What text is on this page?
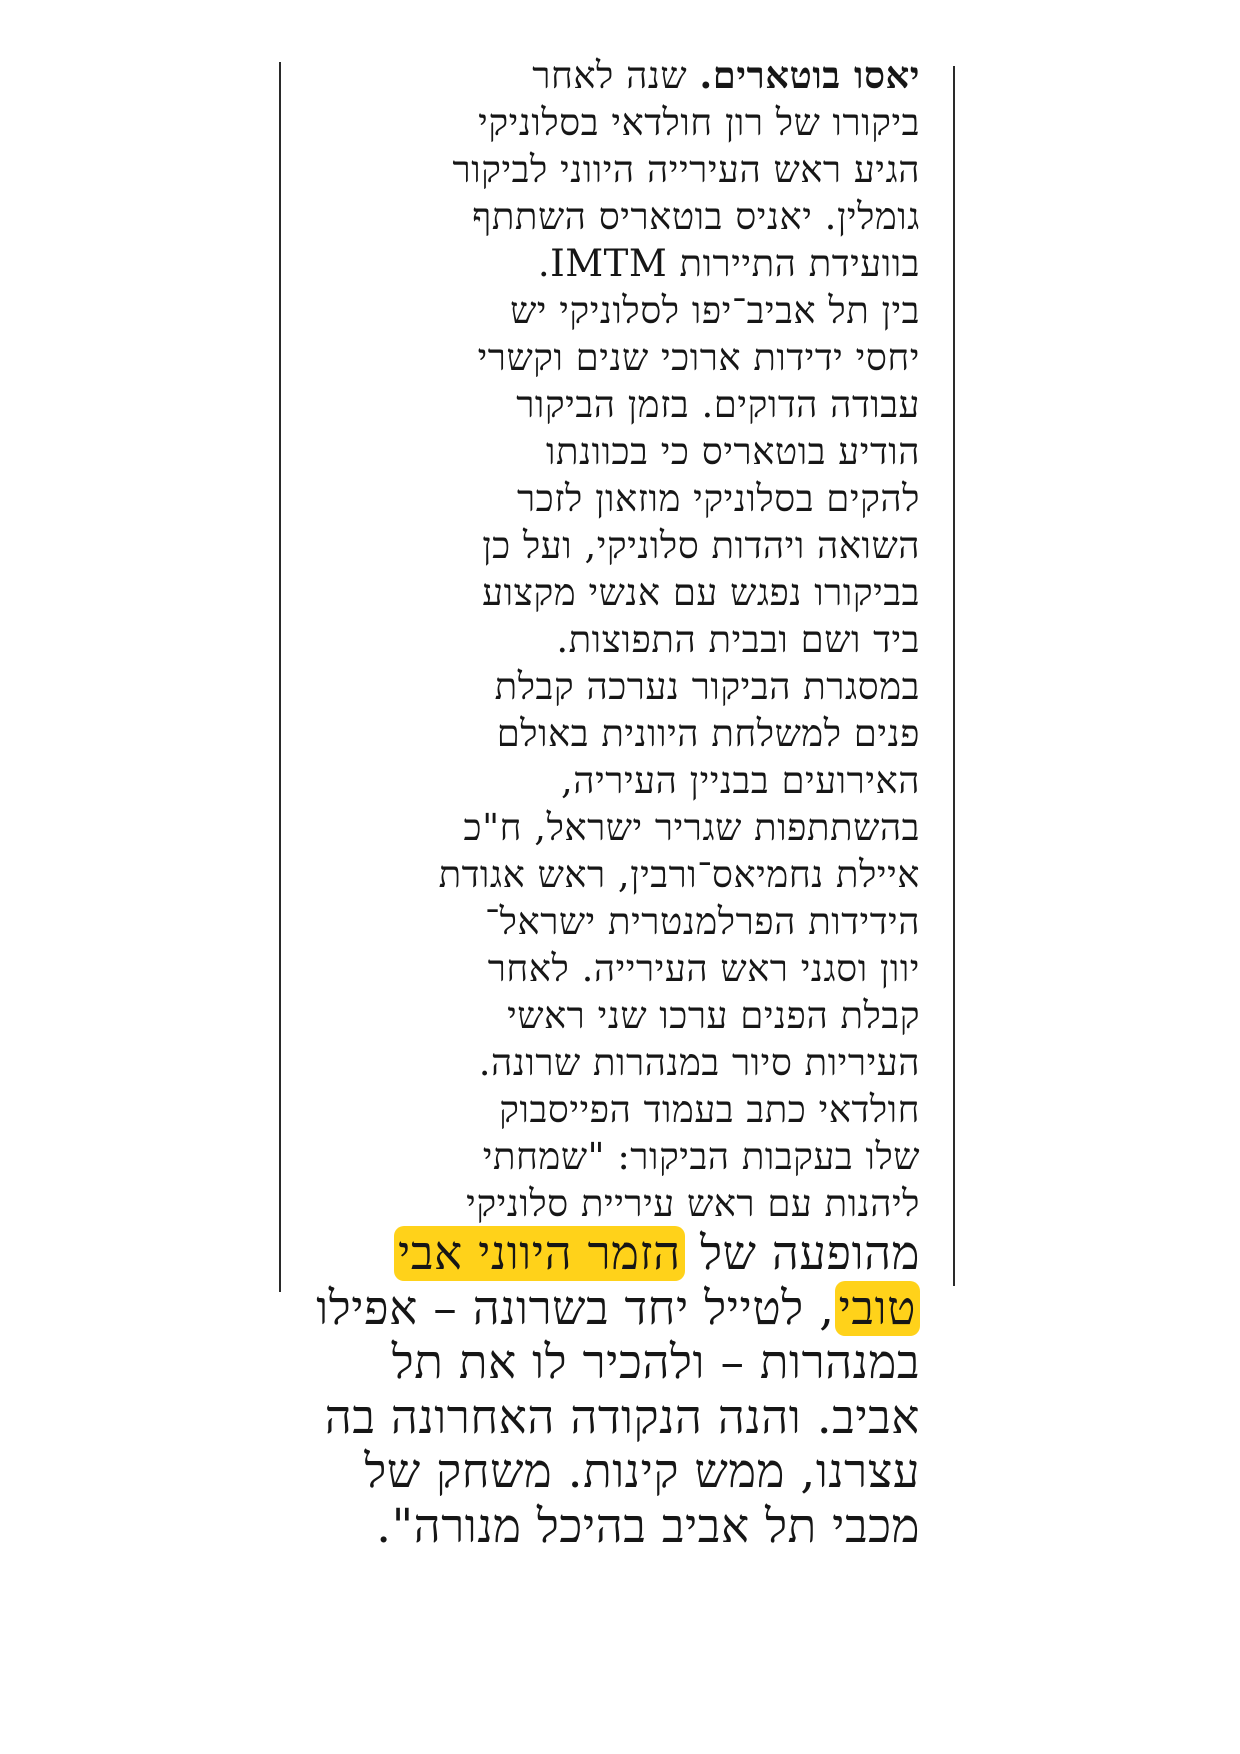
יאסו בוטארים. שנה לאחר
ביקורו של רון חולדאי בסלוניקי
הגיע ראש העירייה היווני לביקור
גומלין. יאניס בוטאריס השתתף
בוועידת התיירות IMTM.
בין תל אביב־יפו לסלוניקי יש
יחסי ידידות ארוכי שנים וקשרי
עבודה הדוקים. בזמן הביקור
הודיע בוטאריס כי בכוונתו
להקים בסלוניקי מוזאון לזכר
השואה ויהדות סלוניקי, ועל כן
בביקורו נפגש עם אנשי מקצוע
ביד ושם ובבית התפוצות.
במסגרת הביקור נערכה קבלת
פנים למשלחת היוונית באולם
האירועים בבניין העיריה,
בהשתתפות שגריר ישראל, ח"כ
איילת נחמיאס־ורבין, ראש אגודת
הידידות הפרלמנטרית ישראל־
יוון וסגני ראש העירייה. לאחר
קבלת הפנים ערכו שני ראשי
העיריות סיור במנהרות שרונה.
חולדאי כתב בעמוד הפייסבוק
שלו בעקבות הביקור: "שמחתי
ליהנות עם ראש עיריית סלוניקי
מהופעה של הזמר היווני אבי
טובי, לטייל יחד בשרונה – אפילו
במנהרות – ולהכיר לו את תל
אביב. והנה הנקודה האחרונה בה
עצרנו, ממש קינות. משחק של
מכבי תל אביב בהיכל מנורה".
